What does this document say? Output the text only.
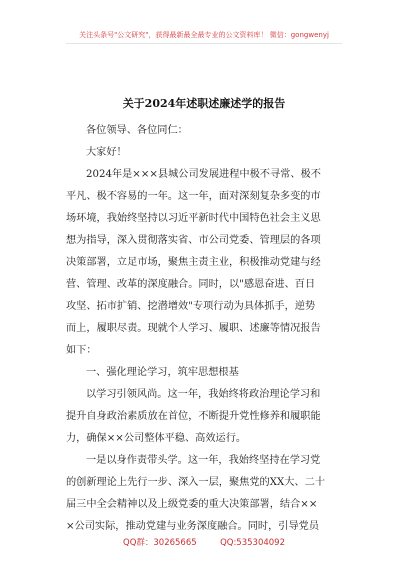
关注头条号"公文研究"，获得最新最全最专业的公文资料库！ 微信：gongwenyj
关于2024年述职述廉述学的报告
各位领导、各位同仁：
大家好！
2024年是×××县城公司发展进程中极不寻常、极不
平凡、极不容易的一年。这一年，面对深刻复杂多变的市
场环境，我始终坚持以习近平新时代中国特色社会主义思
想为指导，深入贯彻落实省、市公司党委、管理层的各项
决策部署，立足市场，聚焦主责主业，积极推动党建与经
营、管理、改革的深度融合。同时，以"感恩奋进、百日
攻坚、拓市扩销、挖潜增效"专项行动为具体抓手，逆势
而上，履职尽责。现就个人学习、履职、述廉等情况报告
如下：
一、强化理论学习，筑牢思想根基
以学习引领风尚。这一年，我始终将政治理论学习和
提升自身政治素质放在首位，不断提升党性修养和履职能
力，确保××公司整体平稳、高效运行。
一是以身作责带头学。这一年，我始终坚持在学习党
的创新理论上先行一步、深入一层，聚焦党的XX大、二十
届三中全会精神以及上级党委的重大决策部署，结合××
×公司实际，推动党建与业务深度融合。同时，引导党员
QQ群：30265665	QQ:535304092
